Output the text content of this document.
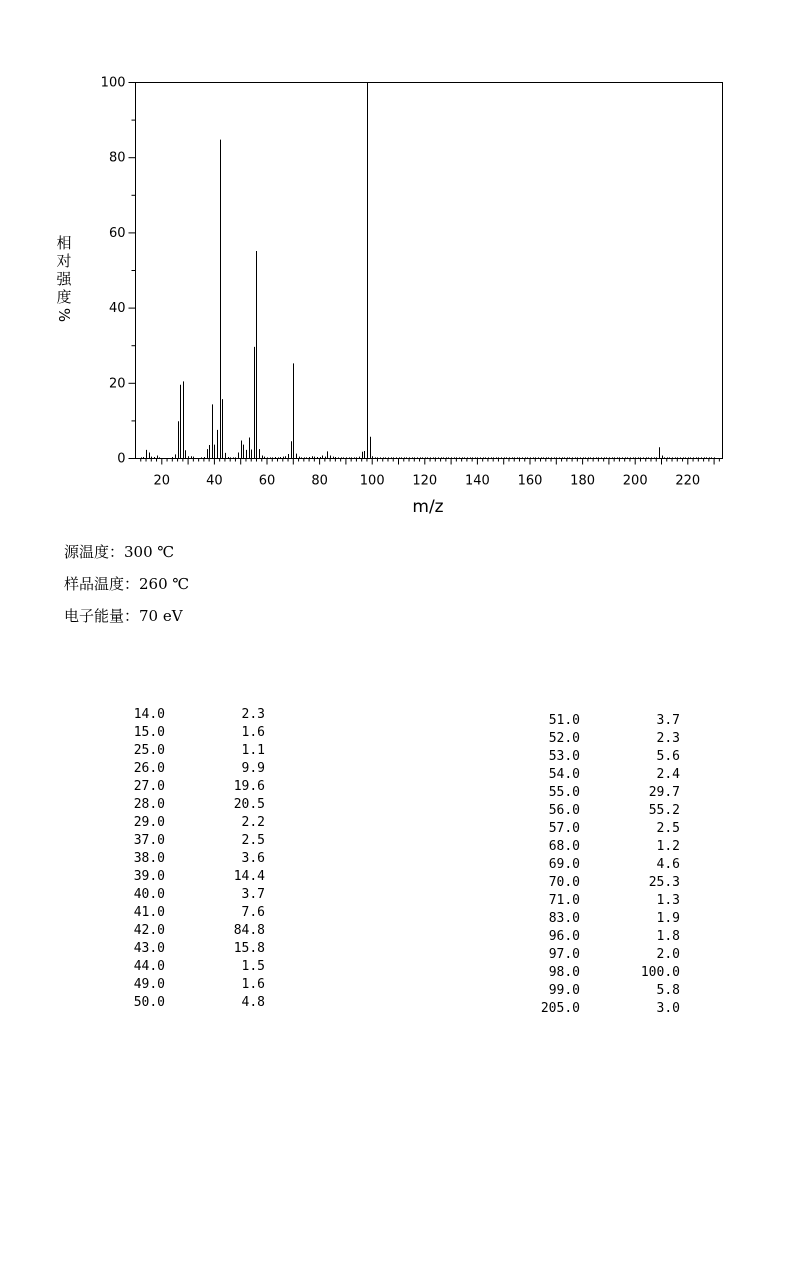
0
20
40
60
80
100
20	40	60	80 100 120 140 160 180 200 220
相
对
强
度
%
m/z
源温度：300 ℃
样品温度：260 ℃
电子能量：70 eV
14.0	2.3
15.0	1.6
25.0	1.1
26.0	9.9
27.0	19.6
28.0	20.5
29.0	2.2
37.0	2.5
38.0	3.6
39.0	14.4
40.0	3.7
41.0	7.6
42.0	84.8
43.0	15.8
44.0	1.5
49.0	1.6
50.0	4.8
51.0	3.7
52.0	2.3
53.0	5.6
54.0	2.4
55.0	29.7
56.0	55.2
57.0	2.5
68.0	1.2
69.0	4.6
70.0	25.3
71.0	1.3
83.0	1.9
96.0	1.8
97.0	2.0
98.0	100.0
99.0	5.8
205.0	3.0
